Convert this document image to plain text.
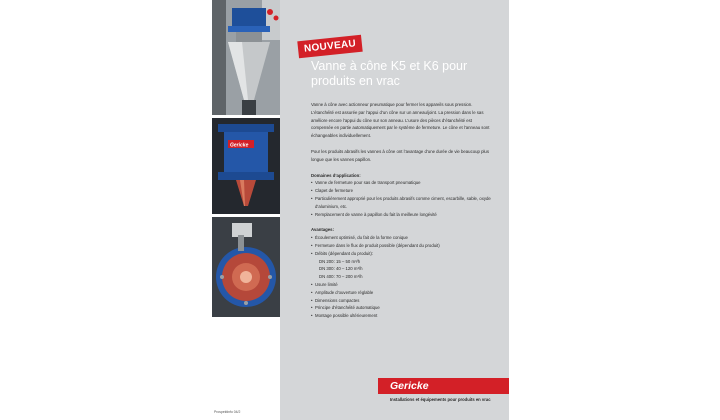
Gericke
NOUVEAU
Vanne à cône K5 et K6 pour produits en vrac

Vanne à cône avec actionneur pneumatique pour fermer les appareils sous pression. L’étanchéité est assurée par l’appui d’un cône sur un anneau/joint. La pression dans le sas améliore encore l’appui du cône sur son anneau. L’usure des pièces d’étanchéité est compensée en partie automatiquement par le système de fermeture. Le cône et l’anneau sont échangeables individuellement.

Pour les produits abrasifs les vannes à cône ont l’avantage d’une durée de vie beaucoup plus longue que les vannes papillon.

Domaines d’application:
• Vanne de fermeture pour sas de transport pneumatique
• Clapet de fermeture
• Particulièrement approprié pour les produits abrasifs comme ciment, escarbille, sable, oxyde d’aluminium, etc.
• Remplacement de vanne à papillon du fait la meilleure longévité
Avantages:
• Écoulement optimisé, du fait de la forme conique
• Fermeture dans le flux de produit possible (dépendant du produit)
• Débits (dépendant du produit):
DN 200: 15 – 50 m³/h
DN 300: 40 – 120 m³/h
DN 400: 70 – 200 m³/h
• Usure limité
• Amplitude d’ouverture réglable
• Dimensions compactes
• Principe d’étanchéité automatique
• Montage possible ultérieurement
Gericke
Installations et équipements pour produits en vrac
Prospektinfo 04/2
